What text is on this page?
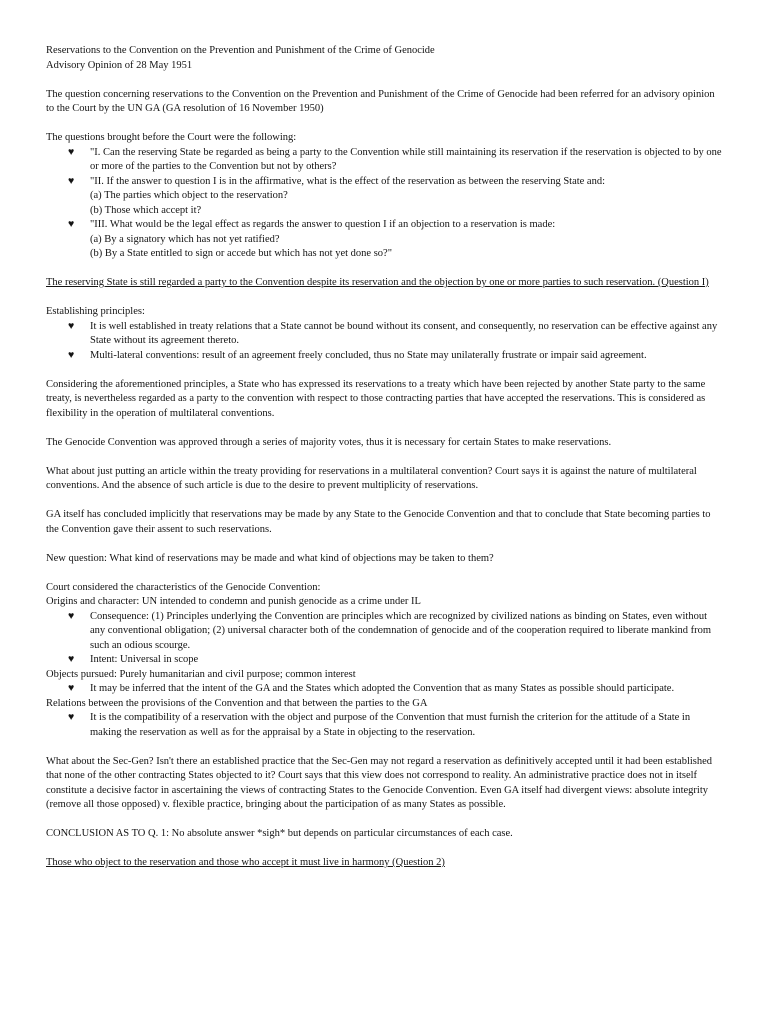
Reservations to the Convention on the Prevention and Punishment of the Crime of Genocide

Advisory Opinion of 28 May 1951

The question concerning reservations to the Convention on the Prevention and Punishment of the Crime of Genocide had been referred for an advisory opinion to the Court by the UN GA (GA resolution of 16 November 1950)

The questions brought before the Court were the following:

♥ "I. Can the reserving State be regarded as being a party to the Convention while still maintaining its reservation if the reservation is objected to by one or more of the parties to the Convention but not by others?
♥ "II. If the answer to question I is in the affirmative, what is the effect of the reservation as between the reserving State and:
(a) The parties which object to the reservation?
(b) Those which accept it?
♥ "III. What would be the legal effect as regards the answer to question I if an objection to a reservation is made:
(a) By a signatory which has not yet ratified?
(b) By a State entitled to sign or accede but which has not yet done so?"

The reserving State is still regarded a party to the Convention despite its reservation and the objection by one or more parties to such reservation. (Question I)

Establishing principles:

♥ It is well established in treaty relations that a State cannot be bound without its consent, and consequently, no reservation can be effective against any State without its agreement thereto.
♥ Multi-lateral conventions: result of an agreement freely concluded, thus no State may unilaterally frustrate or impair said agreement.

Considering the aforementioned principles, a State who has expressed its reservations to a treaty which have been rejected by another State party to the same treaty, is nevertheless regarded as a party to the convention with respect to those contracting parties that have accepted the reservations. This is considered as flexibility in the operation of multilateral conventions.

The Genocide Convention was approved through a series of majority votes, thus it is necessary for certain States to make reservations.

What about just putting an article within the treaty providing for reservations in a multilateral convention? Court says it is against the nature of multilateral conventions. And the absence of such article is due to the desire to prevent multiplicity of reservations.

GA itself has concluded implicitly that reservations may be made by any State to the Genocide Convention and that to conclude that State becoming parties to the Convention gave their assent to such reservations.

New question: What kind of reservations may be made and what kind of objections may be taken to them?

Court considered the characteristics of the Genocide Convention:

Origins and character: UN intended to condemn and punish genocide as a crime under IL

♥ Consequence: (1) Principles underlying the Convention are principles which are recognized by civilized nations as binding on States, even without any conventional obligation; (2) universal character both of the condemnation of genocide and of the cooperation required to liberate mankind from such an odious scourge.
♥ Intent: Universal in scope

Objects pursued: Purely humanitarian and civil purpose; common interest

♥ It may be inferred that the intent of the GA and the States which adopted the Convention that as many States as possible should participate.

Relations between the provisions of the Convention and that between the parties to the GA

♥ It is the compatibility of a reservation with the object and purpose of the Convention that must furnish the criterion for the attitude of a State in making the reservation as well as for the appraisal by a State in objecting to the reservation.

What about the Sec-Gen? Isn't there an established practice that the Sec-Gen may not regard a reservation as definitively accepted until it had been established that none of the other contracting States objected to it? Court says that this view does not correspond to reality. An administrative practice does not in itself constitute a decisive factor in ascertaining the views of contracting States to the Genocide Convention. Even GA itself had divergent views: absolute integrity (remove all those opposed) v. flexible practice, bringing about the participation of as many States as possible.

CONCLUSION AS TO Q. 1: No absolute answer *sigh* but depends on particular circumstances of each case.

Those who object to the reservation and those who accept it must live in harmony (Question 2)
